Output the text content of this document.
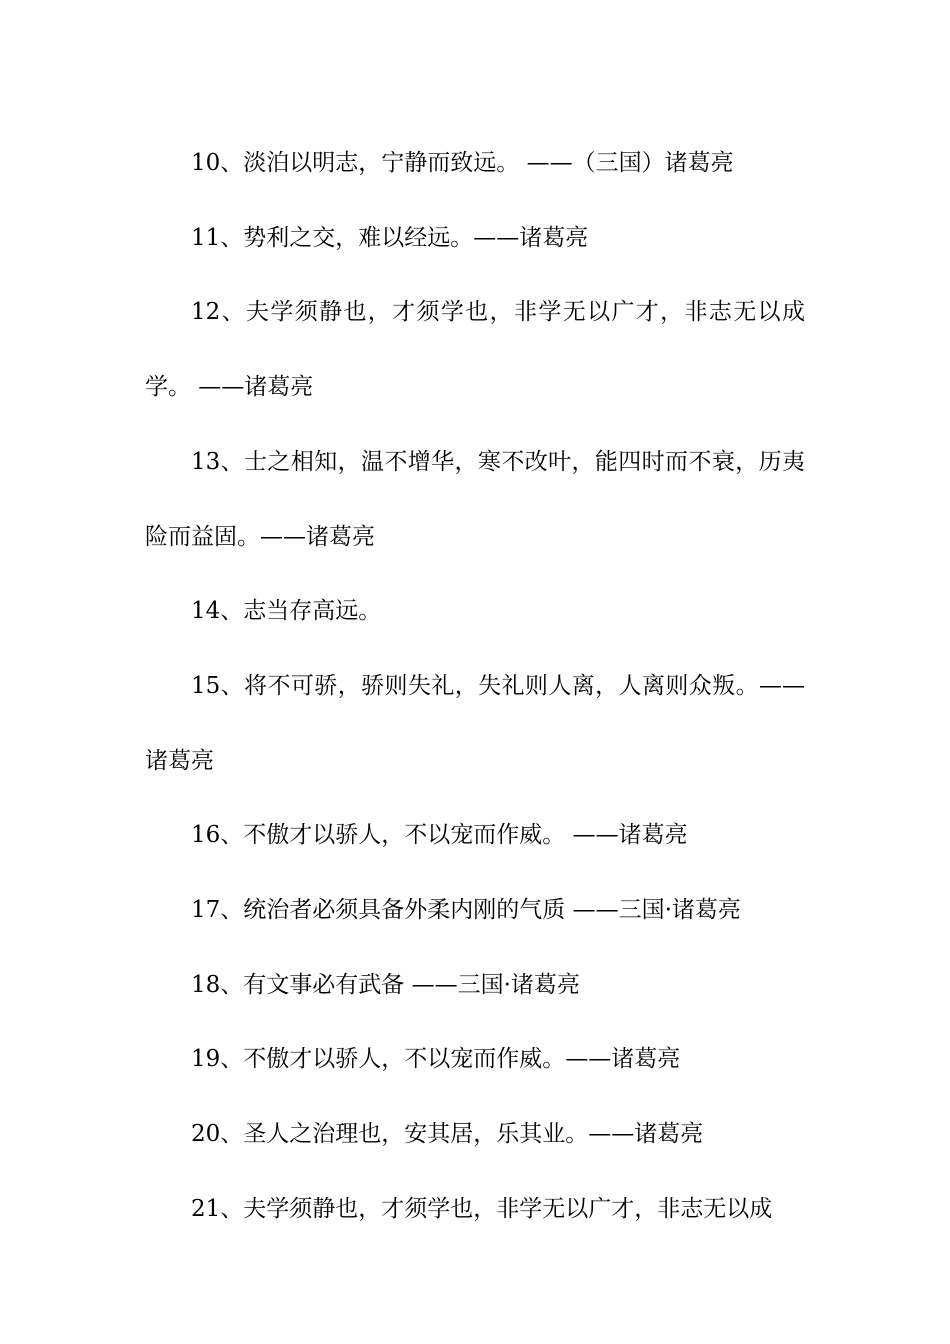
10、淡泊以明志，宁静而致远。 ——（三国）诸葛亮

11、势利之交，难以经远。——诸葛亮

12、夫学须静也，才须学也，非学无以广才，非志无以成学。 ——诸葛亮

13、士之相知，温不增华，寒不改叶，能四时而不衰，历夷险而益固。——诸葛亮

14、志当存高远。

15、将不可骄，骄则失礼，失礼则人离，人离则众叛。——诸葛亮

16、不傲才以骄人，不以宠而作威。 ——诸葛亮

17、统治者必须具备外柔内刚的气质 ——三国·诸葛亮

18、有文事必有武备 ——三国·诸葛亮

19、不傲才以骄人，不以宠而作威。——诸葛亮

20、圣人之治理也，安其居，乐其业。——诸葛亮

21、夫学须静也，才须学也，非学无以广才，非志无以成
